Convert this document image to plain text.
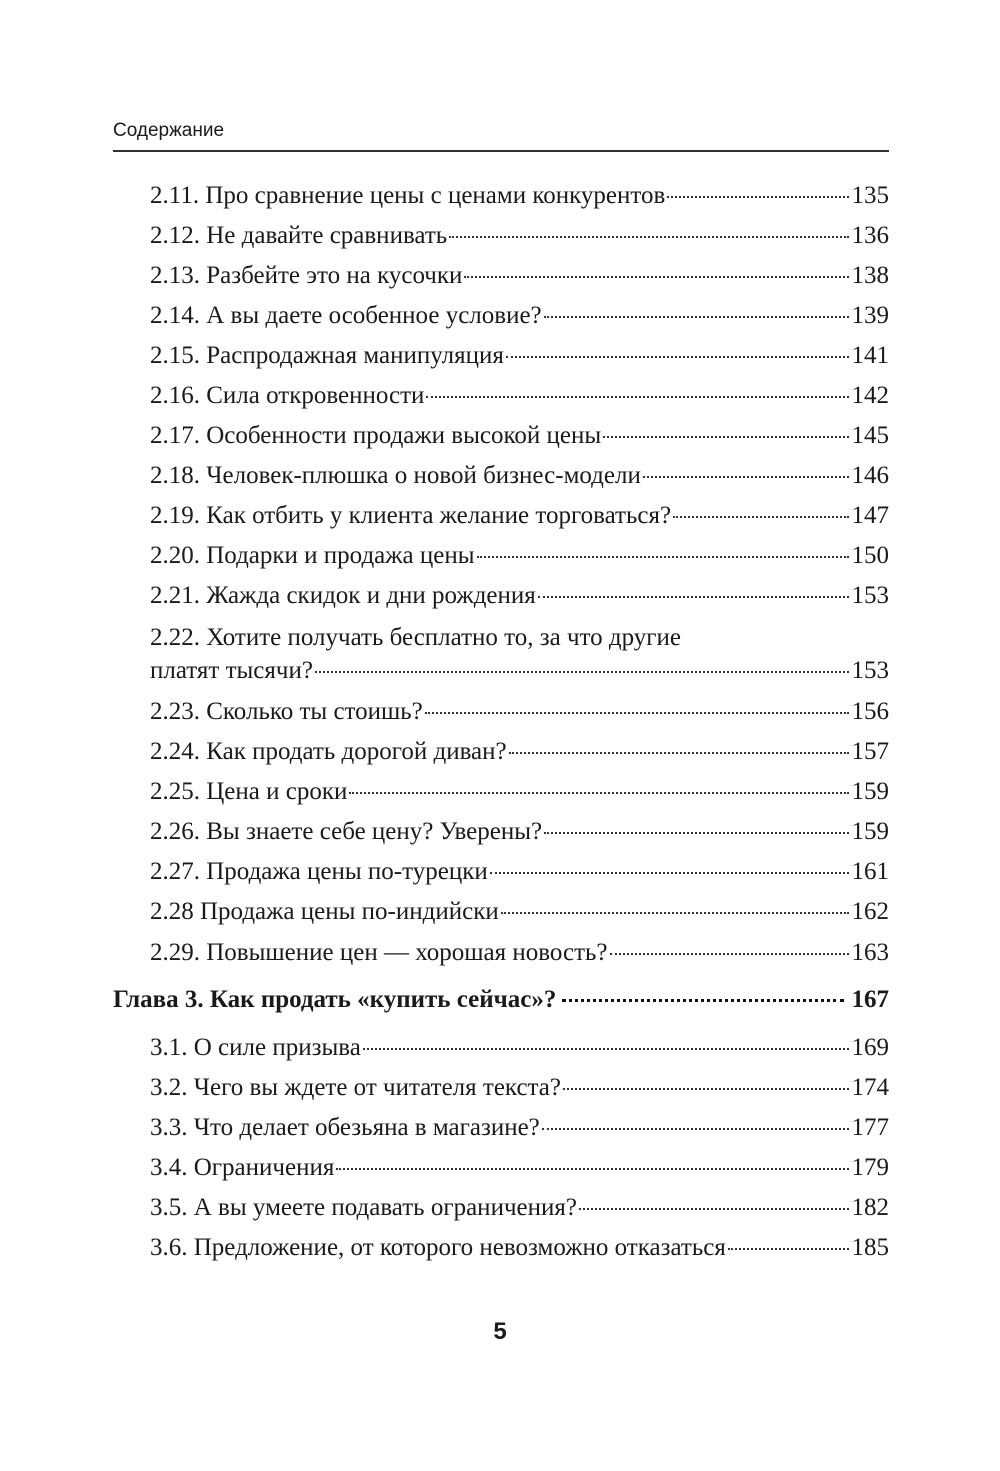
Содержание
2.11. Про сравнение цены с ценами конкурентов	135
2.12. Не давайте сравнивать	136
2.13. Разбейте это на кусочки	138
2.14. А вы даете особенное условие?	139
2.15. Распродажная манипуляция	141
2.16. Сила откровенности	142
2.17. Особенности продажи высокой цены	145
2.18. Человек-плюшка о новой бизнес-модели	146
2.19. Как отбить у клиента желание торговаться?	147
2.20. Подарки и продажа цены	150
2.21. Жажда скидок и дни рождения	153
2.22. Хотите получать бесплатно то, за что другие
платят тысячи?	153
2.23. Сколько ты стоишь?	156
2.24. Как продать дорогой диван?	157
2.25. Цена и сроки	159
2.26. Вы знаете себе цену? Уверены?	159
2.27. Продажа цены по-турецки	161
2.28 Продажа цены по-индийски	162
2.29. Повышение цен — хорошая новость?	163
Глава 3. Как продать «купить сейчас»?	167
3.1. О силе призыва	169
3.2. Чего вы ждете от читателя текста?	174
3.3. Что делает обезьяна в магазине?	177
3.4. Ограничения	179
3.5. А вы умеете подавать ограничения?	182
3.6. Предложение, от которого невозможно отказаться	185
5
